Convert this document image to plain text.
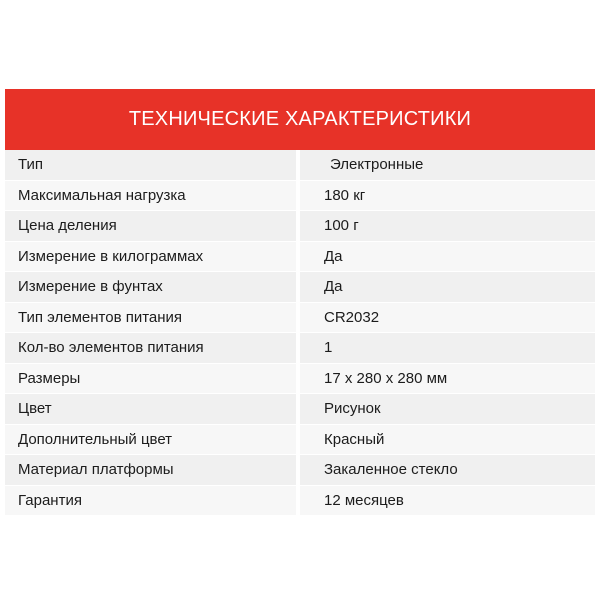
ТЕХНИЧЕСКИЕ ХАРАКТЕРИСТИКИ
Тип	Электронные
Максимальная нагрузка	180 кг
Цена деления	100 г
Измерение в килограммах	Да
Измерение в фунтах	Да
Тип элементов питания	CR2032
Кол-во элементов питания	1
Размеры	17 x 280 x 280 мм
Цвет	Рисунок
Дополнительный цвет	Красный
Материал платформы	Закаленное стекло
Гарантия	12 месяцев
